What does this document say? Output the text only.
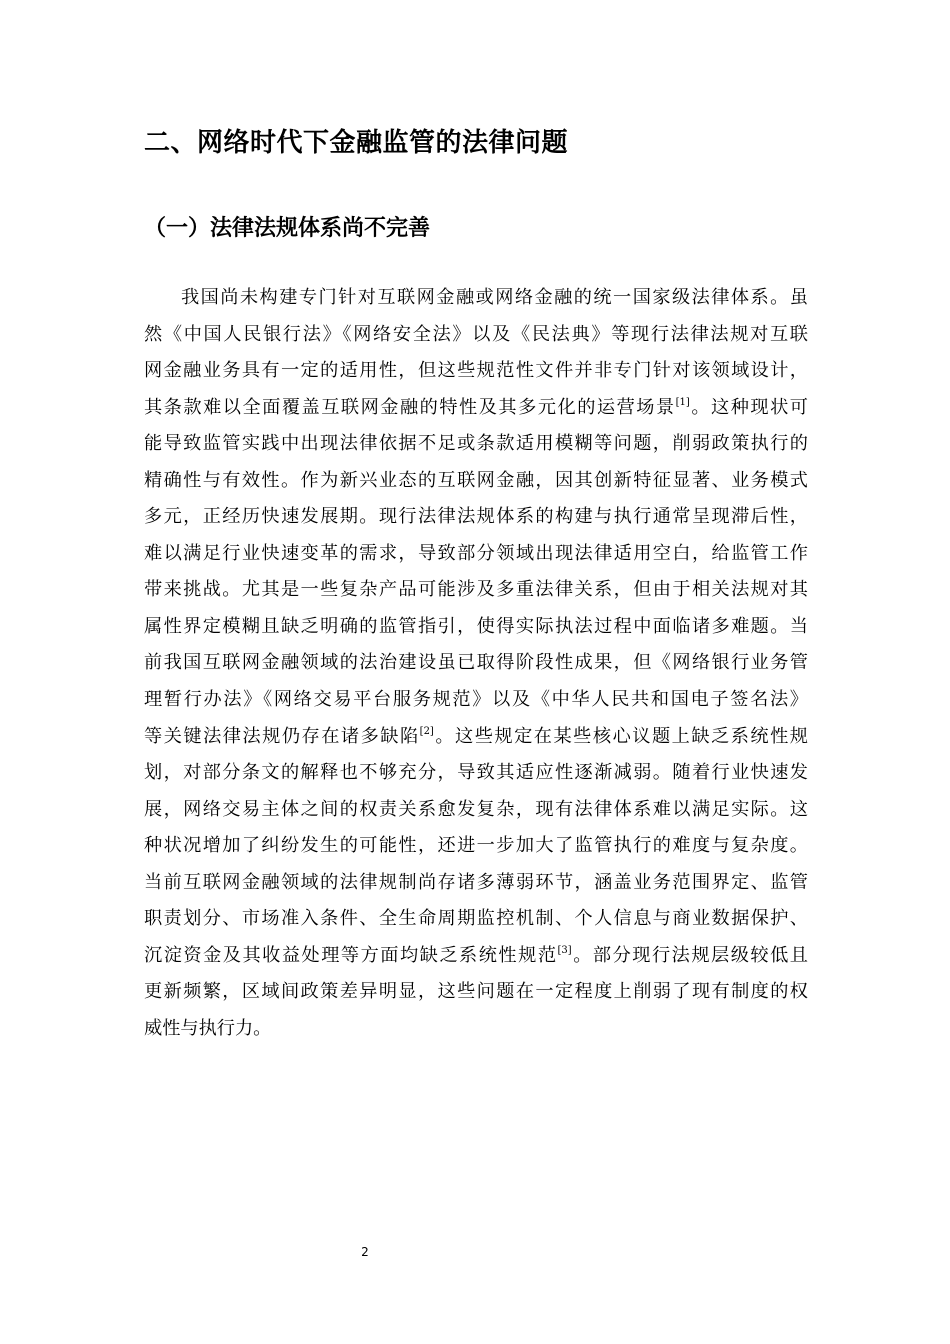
二、网络时代下金融监管的法律问题
（一）法律法规体系尚不完善
我国尚未构建专门针对互联网金融或网络金融的统一国家级法律体系。虽
然《中国人民银行法》《网络安全法》以及《民法典》等现行法律法规对互联
网金融业务具有一定的适用性，但这些规范性文件并非专门针对该领域设计，
其条款难以全面覆盖互联网金融的特性及其多元化的运营场景[1]。这种现状可
能导致监管实践中出现法律依据不足或条款适用模糊等问题，削弱政策执行的
精确性与有效性。作为新兴业态的互联网金融，因其创新特征显著、业务模式
多元，正经历快速发展期。现行法律法规体系的构建与执行通常呈现滞后性，
难以满足行业快速变革的需求，导致部分领域出现法律适用空白，给监管工作
带来挑战。尤其是一些复杂产品可能涉及多重法律关系，但由于相关法规对其
属性界定模糊且缺乏明确的监管指引，使得实际执法过程中面临诸多难题。当
前我国互联网金融领域的法治建设虽已取得阶段性成果，但《网络银行业务管
理暂行办法》《网络交易平台服务规范》以及《中华人民共和国电子签名法》
等关键法律法规仍存在诸多缺陷[2]。这些规定在某些核心议题上缺乏系统性规
划，对部分条文的解释也不够充分，导致其适应性逐渐减弱。随着行业快速发
展，网络交易主体之间的权责关系愈发复杂，现有法律体系难以满足实际。这
种状况增加了纠纷发生的可能性，还进一步加大了监管执行的难度与复杂度。
当前互联网金融领域的法律规制尚存诸多薄弱环节，涵盖业务范围界定、监管
职责划分、市场准入条件、全生命周期监控机制、个人信息与商业数据保护、
沉淀资金及其收益处理等方面均缺乏系统性规范[3]。部分现行法规层级较低且
更新频繁，区域间政策差异明显，这些问题在一定程度上削弱了现有制度的权
威性与执行力。
2
